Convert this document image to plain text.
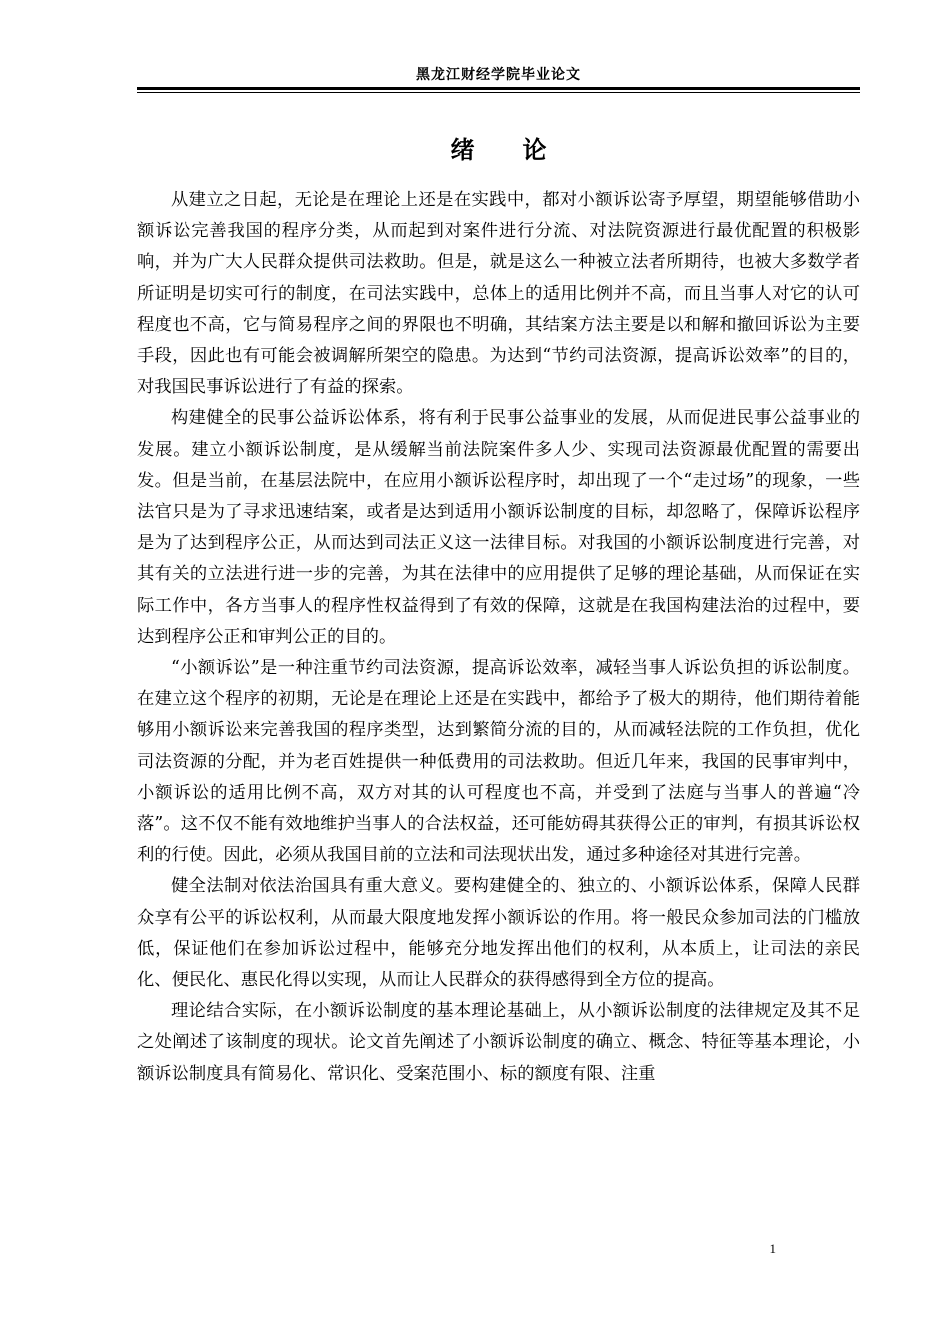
黑龙江财经学院毕业论文
绪论

从建立之日起，无论是在理论上还是在实践中，都对小额诉讼寄予厚望，期望能够借助小额诉讼完善我国的程序分类，从而起到对案件进行分流、对法院资源进行最优配置的积极影响，并为广大人民群众提供司法救助。但是，就是这么一种被立法者所期待，也被大多数学者所证明是切实可行的制度，在司法实践中，总体上的适用比例并不高，而且当事人对它的认可程度也不高，它与简易程序之间的界限也不明确，其结案方法主要是以和解和撤回诉讼为主要手段，因此也有可能会被调解所架空的隐患。为达到“节约司法资源，提高诉讼效率”的目的，对我国民事诉讼进行了有益的探索。

构建健全的民事公益诉讼体系，将有利于民事公益事业的发展，从而促进民事公益事业的发展。建立小额诉讼制度，是从缓解当前法院案件多人少、实现司法资源最优配置的需要出发。但是当前，在基层法院中，在应用小额诉讼程序时，却出现了一个“走过场”的现象，一些法官只是为了寻求迅速结案，或者是达到适用小额诉讼制度的目标，却忽略了，保障诉讼程序是为了达到程序公正，从而达到司法正义这一法律目标。对我国的小额诉讼制度进行完善，对其有关的立法进行进一步的完善，为其在法律中的应用提供了足够的理论基础，从而保证在实际工作中，各方当事人的程序性权益得到了有效的保障，这就是在我国构建法治的过程中，要达到程序公正和审判公正的目的。

“小额诉讼”是一种注重节约司法资源，提高诉讼效率，减轻当事人诉讼负担的诉讼制度。在建立这个程序的初期，无论是在理论上还是在实践中，都给予了极大的期待，他们期待着能够用小额诉讼来完善我国的程序类型，达到繁简分流的目的，从而减轻法院的工作负担，优化司法资源的分配，并为老百姓提供一种低费用的司法救助。但近几年来，我国的民事审判中，小额诉讼的适用比例不高，双方对其的认可程度也不高，并受到了法庭与当事人的普遍“冷落”。这不仅不能有效地维护当事人的合法权益，还可能妨碍其获得公正的审判，有损其诉讼权利的行使。因此，必须从我国目前的立法和司法现状出发，通过多种途径对其进行完善。

健全法制对依法治国具有重大意义。要构建健全的、独立的、小额诉讼体系，保障人民群众享有公平的诉讼权利，从而最大限度地发挥小额诉讼的作用。将一般民众参加司法的门槛放低，保证他们在参加诉讼过程中，能够充分地发挥出他们的权利，从本质上，让司法的亲民化、便民化、惠民化得以实现，从而让人民群众的获得感得到全方位的提高。

理论结合实际，在小额诉讼制度的基本理论基础上，从小额诉讼制度的法律规定及其不足之处阐述了该制度的现状。论文首先阐述了小额诉讼制度的确立、概念、特征等基本理论，小额诉讼制度具有简易化、常识化、受案范围小、标的额度有限、注重

1
